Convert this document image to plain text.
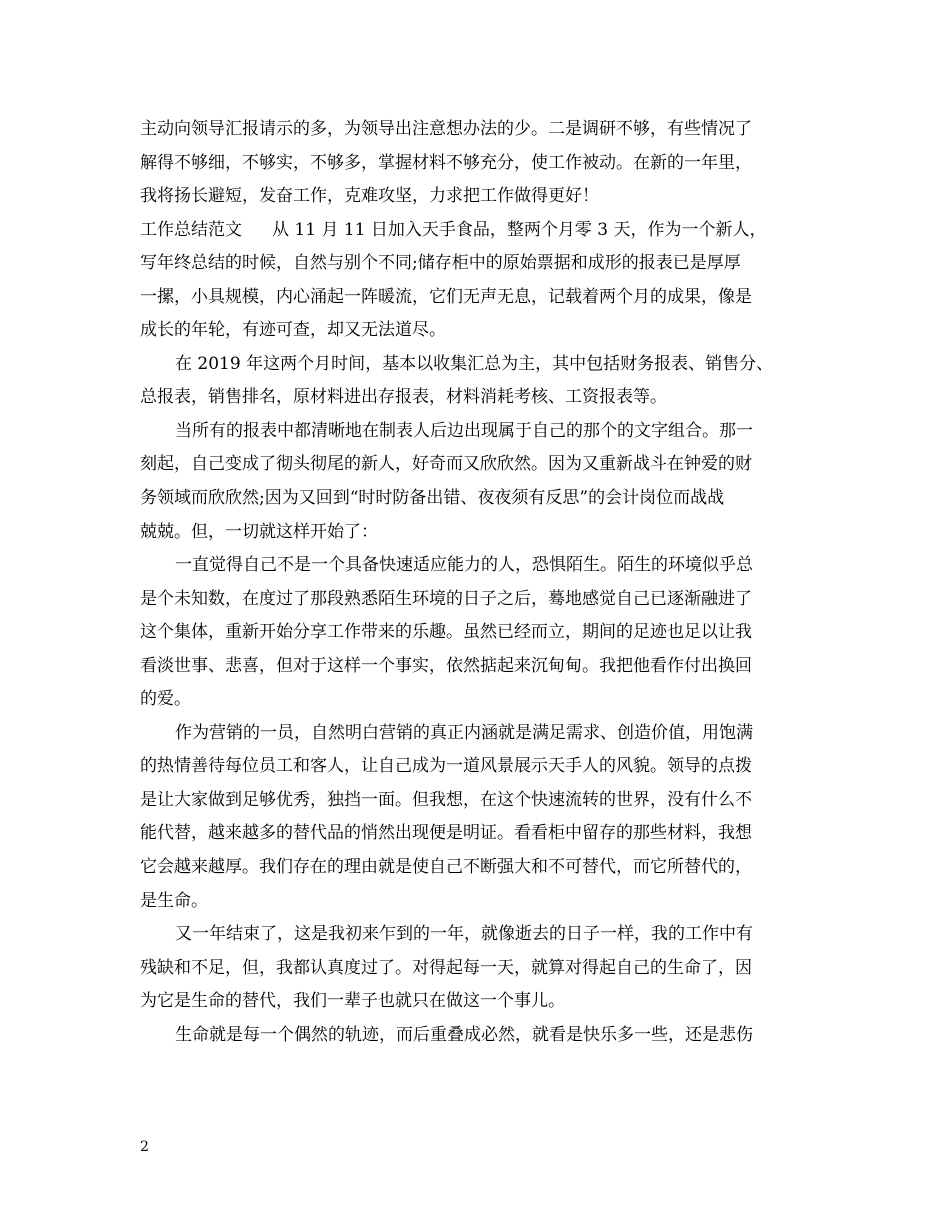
主动向领导汇报请示的多，为领导出注意想办法的少。二是调研不够，有些情况了
解得不够细，不够实，不够多，掌握材料不够充分，使工作被动。在新的一年里，
我将扬长避短，发奋工作，克难攻坚，力求把工作做得更好！
工作总结范文 从 11 月 11 日加入天手食品，整两个月零 3 天，作为一个新人，
写年终总结的时候，自然与别个不同;储存柜中的原始票据和成形的报表已是厚厚
一摞，小具规模，内心涌起一阵暖流，它们无声无息，记载着两个月的成果，像是
成长的年轮，有迹可查，却又无法道尽。
在 2019 年这两个月时间，基本以收集汇总为主，其中包括财务报表、销售分、
总报表，销售排名，原材料进出存报表，材料消耗考核、工资报表等。
当所有的报表中都清晰地在制表人后边出现属于自己的那个的文字组合。那一
刻起，自己变成了彻头彻尾的新人，好奇而又欣欣然。因为又重新战斗在钟爱的财
务领域而欣欣然;因为又回到“时时防备出错、夜夜须有反思”的会计岗位而战战
兢兢。但，一切就这样开始了：
一直觉得自己不是一个具备快速适应能力的人，恐惧陌生。陌生的环境似乎总
是个未知数，在度过了那段熟悉陌生环境的日子之后，蓦地感觉自己已逐渐融进了
这个集体，重新开始分享工作带来的乐趣。虽然已经而立，期间的足迹也足以让我
看淡世事、悲喜，但对于这样一个事实，依然掂起来沉甸甸。我把他看作付出换回
的爱。
作为营销的一员，自然明白营销的真正内涵就是满足需求、创造价值，用饱满
的热情善待每位员工和客人，让自己成为一道风景展示天手人的风貌。领导的点拨
是让大家做到足够优秀，独挡一面。但我想，在这个快速流转的世界，没有什么不
能代替，越来越多的替代品的悄然出现便是明证。看看柜中留存的那些材料，我想
它会越来越厚。我们存在的理由就是使自己不断强大和不可替代，而它所替代的，
是生命。
又一年结束了，这是我初来乍到的一年，就像逝去的日子一样，我的工作中有
残缺和不足，但，我都认真度过了。对得起每一天，就算对得起自己的生命了，因
为它是生命的替代，我们一辈子也就只在做这一个事儿。
生命就是每一个偶然的轨迹，而后重叠成必然，就看是快乐多一些，还是悲伤
2
